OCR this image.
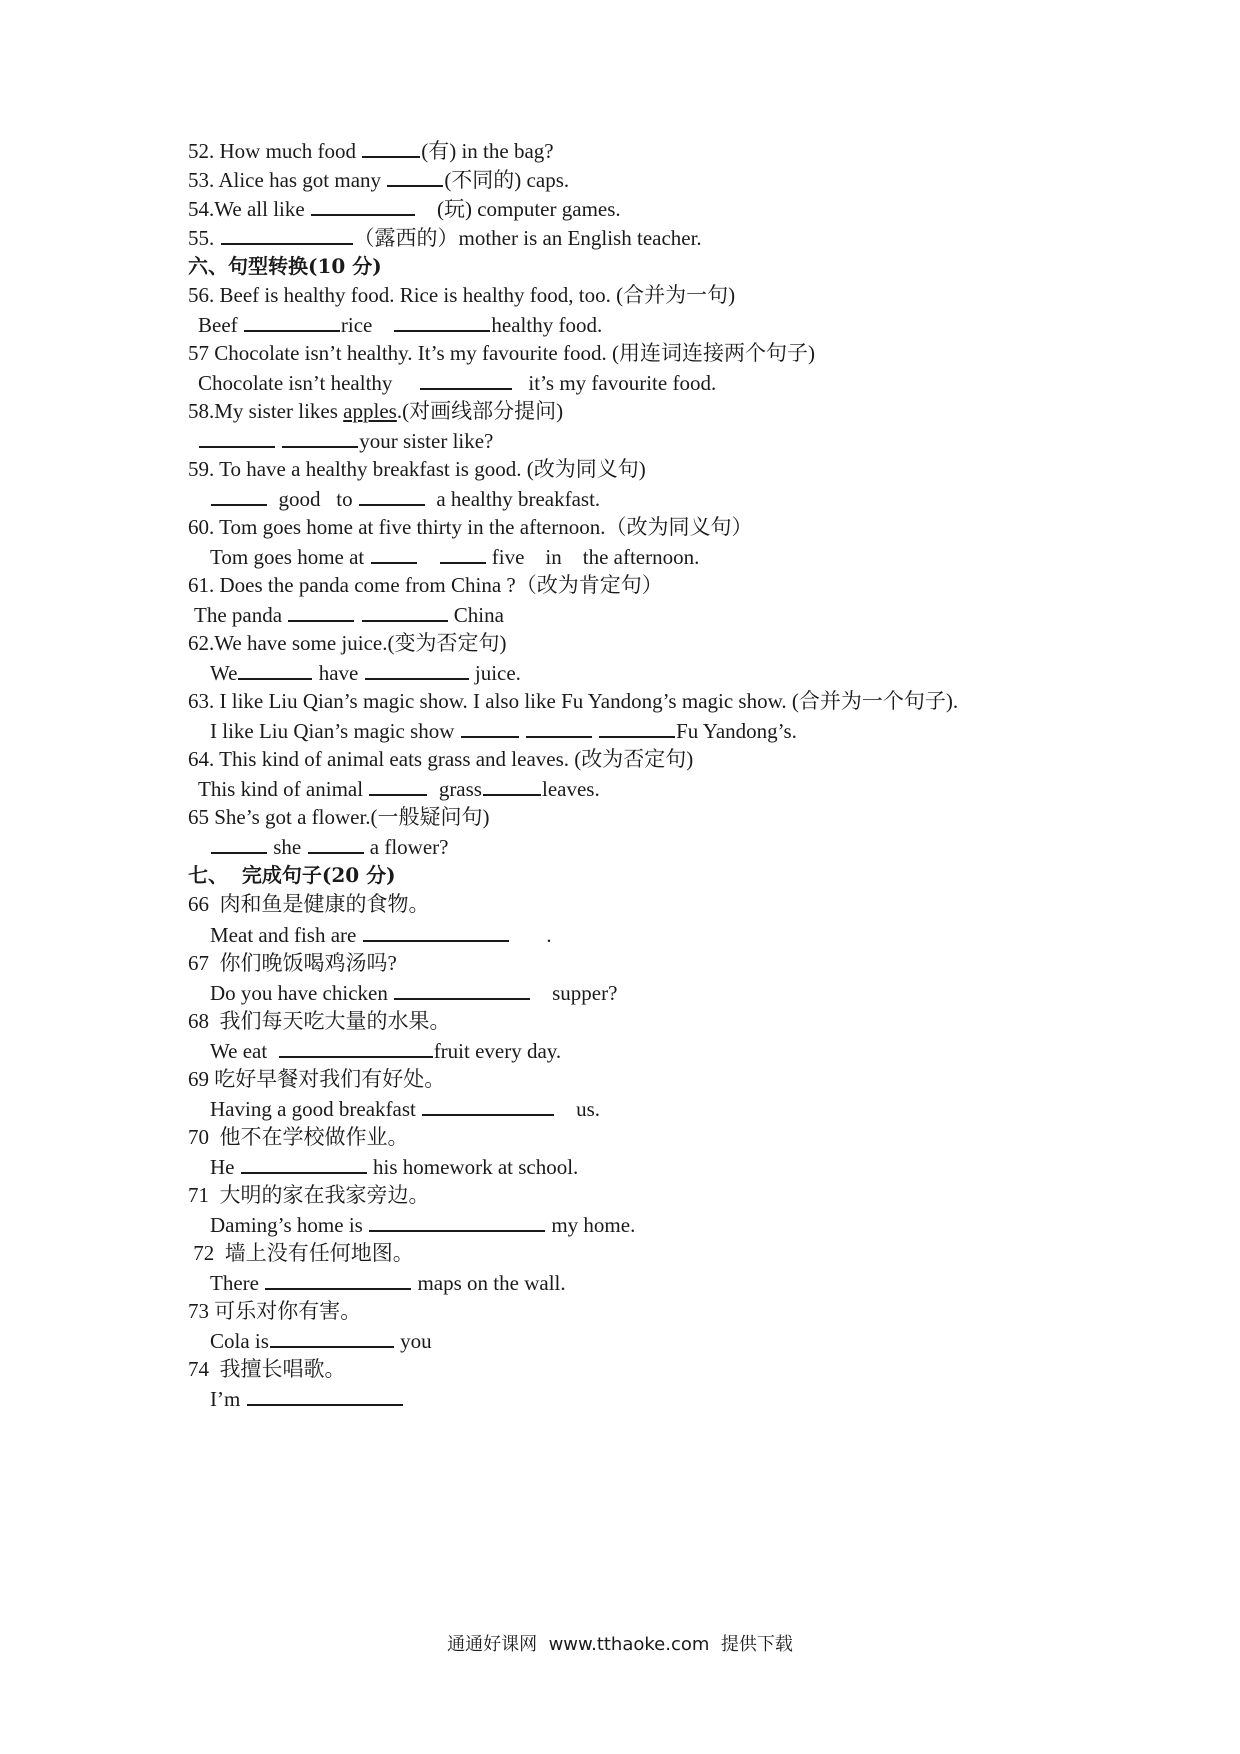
52. How much food	(有) in the bag?
53. Alice has got many	(不同的) caps.
54.We all like	(玩) computer games.
55.	（露西的）mother is an English teacher.
六、句型转换(10 分)
56. Beef is healthy food. Rice is healthy food, too. (合并为一句)
Beef	rice	healthy food.
57 Chocolate isn’t healthy. It’s my favourite food. (用连词连接两个句子)
Chocolate isn’t healthy	it’s my favourite food.
58.My sister likes apples.(对画线部分提问)
your sister like?
59. To have a healthy breakfast is good. (改为同义句)
good   to	a healthy breakfast.
60. Tom goes home at five thirty in the afternoon.（改为同义句）
Tom goes home at	five    in    the afternoon.
61. Does the panda come from China ?（改为肯定句）
The panda	China
62.We have some juice.(变为否定句)
We	have	juice.
63. I like Liu Qian’s magic show. I also like Fu Yandong’s magic show. (合并为一个句子).
I like Liu Qian’s magic show	Fu Yandong’s.
64. This kind of animal eats grass and leaves. (改为否定句)
This kind of animal	grass	leaves.
65 She’s got a flower.(一般疑问句)
she	a flower?
七、  完成句子(20 分)
66  肉和鱼是健康的食物。
Meat and fish are	.
67  你们晚饭喝鸡汤吗?
Do you have chicken	supper?
68  我们每天吃大量的水果。
We eat	fruit every day.
69 吃好早餐对我们有好处。
Having a good breakfast	us.
70  他不在学校做作业。
He	his homework at school.
71  大明的家在我家旁边。
Daming’s home is	my home.
72  墙上没有任何地图。
There	maps on the wall.
73 可乐对你有害。
Cola is	you
74  我擅长唱歌。
I’m
通通好课网  www.tthaoke.com  提供下载
